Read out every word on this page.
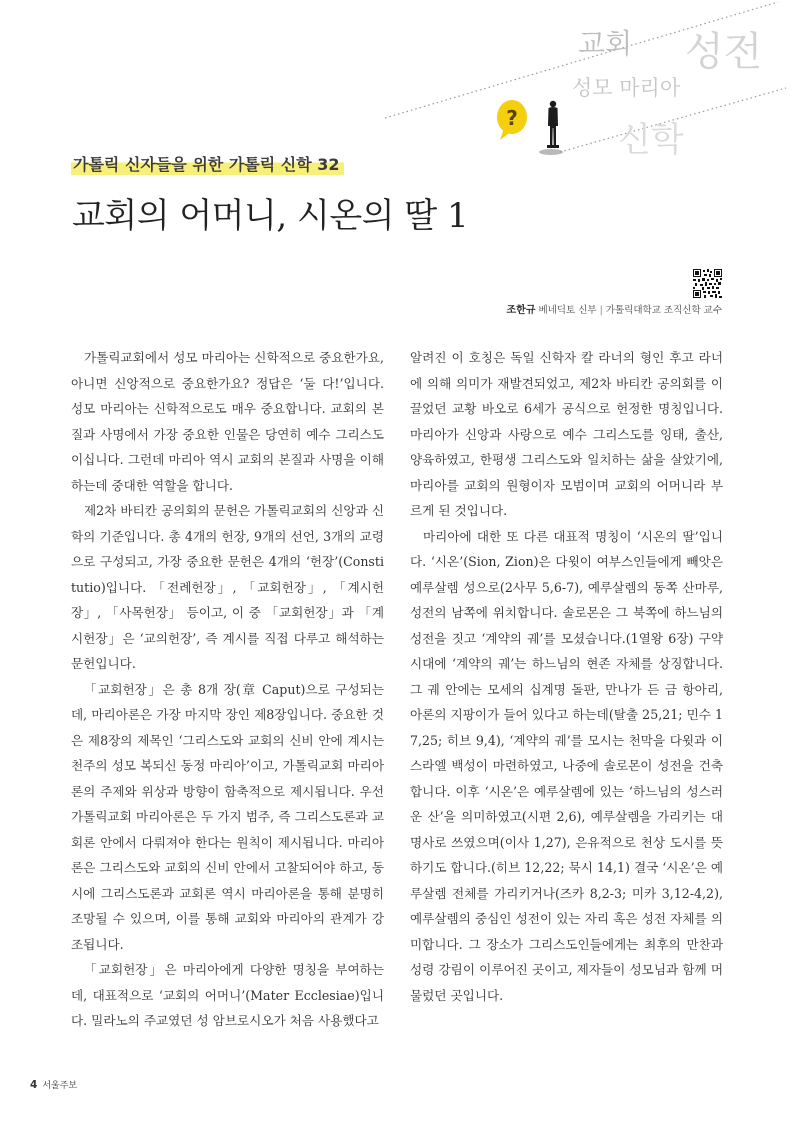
?
교회 성전
성모 마리아
신학
가톨릭 신자들을 위한 가톨릭 신학 32
교회의 어머니, 시온의 딸 1
조한규 베네딕토 신부 | 가톨릭대학교 조직신학 교수

가톨릭교회에서 성모 마리아는 신학적으로 중요한가요, 아니면 신앙적으로 중요한가요? 정답은 ‘둘 다!’입니다. 성모 마리아는 신학적으로도 매우 중요합니다. 교회의 본질과 사명에서 가장 중요한 인물은 당연히 예수 그리스도이십니다. 그런데 마리아 역시 교회의 본질과 사명을 이해하는데 중대한 역할을 합니다.

제2차 바티칸 공의회의 문헌은 가톨릭교회의 신앙과 신학의 기준입니다. 총 4개의 헌장, 9개의 선언, 3개의 교령으로 구성되고, 가장 중요한 문헌은 4개의 ‘헌장’(Constitutio)입니다. 「전례헌장」, 「교회헌장」, 「계시헌장」, 「사목헌장」 등이고, 이 중 「교회헌장」과 「계시헌장」은 ‘교의헌장’, 즉 계시를 직접 다루고 해석하는 문헌입니다.

「교회헌장」은 총 8개 장(章 Caput)으로 구성되는데, 마리아론은 가장 마지막 장인 제8장입니다. 중요한 것은 제8장의 제목인 ‘그리스도와 교회의 신비 안에 계시는 천주의 성모 복되신 동정 마리아’이고, 가톨릭교회 마리아론의 주제와 위상과 방향이 함축적으로 제시됩니다. 우선 가톨릭교회 마리아론은 두 가지 범주, 즉 그리스도론과 교회론 안에서 다뤄져야 한다는 원칙이 제시됩니다. 마리아론은 그리스도와 교회의 신비 안에서 고찰되어야 하고, 동시에 그리스도론과 교회론 역시 마리아론을 통해 분명히 조망될 수 있으며, 이를 통해 교회와 마리아의 관계가 강조됩니다.

「교회헌장」은 마리아에게 다양한 명칭을 부여하는데, 대표적으로 ‘교회의 어머니’(Mater Ecclesiae)입니다. 밀라노의 주교였던 성 암브로시오가 처음 사용했다고

알려진 이 호칭은 독일 신학자 칼 라너의 형인 후고 라너에 의해 의미가 재발견되었고, 제2차 바티칸 공의회를 이끌었던 교황 바오로 6세가 공식으로 헌정한 명칭입니다. 마리아가 신앙과 사랑으로 예수 그리스도를 잉태, 출산, 양육하였고, 한평생 그리스도와 일치하는 삶을 살았기에, 마리아를 교회의 원형이자 모범이며 교회의 어머니라 부르게 된 것입니다.

마리아에 대한 또 다른 대표적 명칭이 ‘시온의 딸’입니다. ‘시온’(Sion, Zion)은 다윗이 여부스인들에게 빼앗은 예루살렘 성으로(2사무 5,6-7), 예루살렘의 동쪽 산마루, 성전의 남쪽에 위치합니다. 솔로몬은 그 북쪽에 하느님의 성전을 짓고 ‘계약의 궤’를 모셨습니다.(1열왕 6장) 구약 시대에 ‘계약의 궤’는 하느님의 현존 자체를 상징합니다. 그 궤 안에는 모세의 십계명 돌판, 만나가 든 금 항아리, 아론의 지팡이가 들어 있다고 하는데(탈출 25,21; 민수 17,25; 히브 9,4), ‘계약의 궤’를 모시는 천막을 다윗과 이스라엘 백성이 마련하였고, 나중에 솔로몬이 성전을 건축합니다. 이후 ‘시온’은 예루살렘에 있는 ‘하느님의 성스러운 산’을 의미하였고(시편 2,6), 예루살렘을 가리키는 대명사로 쓰였으며(이사 1,27), 은유적으로 천상 도시를 뜻하기도 합니다.(히브 12,22; 묵시 14,1) 결국 ‘시온’은 예루살렘 전체를 가리키거나(즈카 8,2-3; 미카 3,12-4,2), 예루살렘의 중심인 성전이 있는 자리 혹은 성전 자체를 의미합니다. 그 장소가 그리스도인들에게는 최후의 만찬과 성령 강림이 이루어진 곳이고, 제자들이 성모님과 함께 머물렀던 곳입니다.

4 서울주보
